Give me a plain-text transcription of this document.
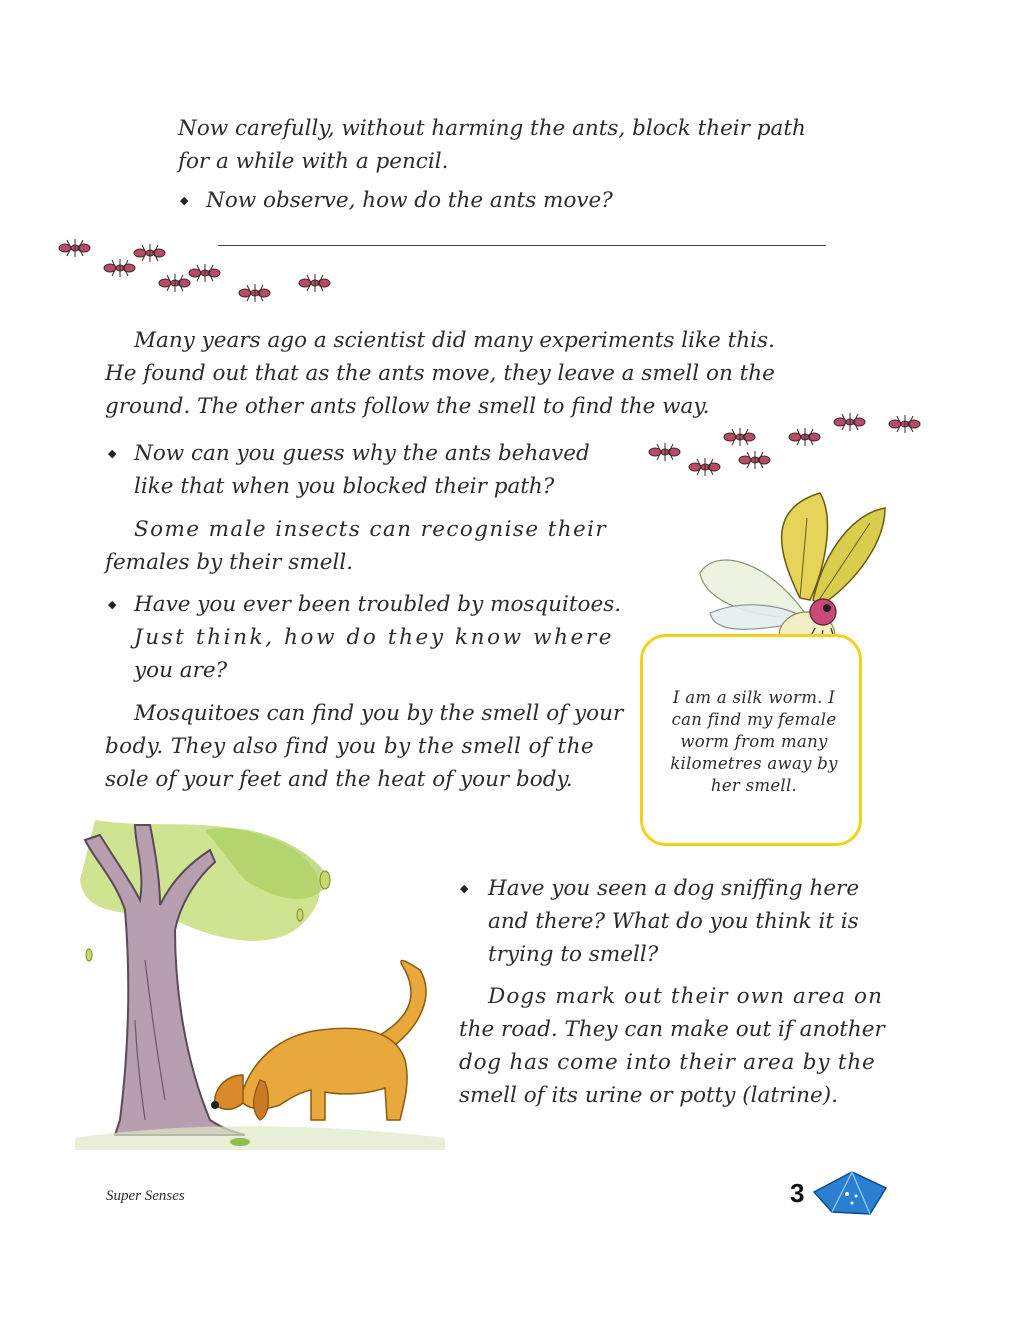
Now carefully, without harming the ants, block their path

for a while with a pencil.

◆ Now observe, how do the ants move?

Many years ago a scientist did many experiments like this.

He found out that as the ants move, they leave a smell on the

ground. The other ants follow the smell to find the way.

◆ Now can you guess why the ants behaved

like that when you blocked their path?

Some male insects can recognise their

females by their smell.

◆ Have you ever been troubled by mosquitoes.

Just think, how do they know where

you are?

Mosquitoes can find you by the smell of your

body. They also find you by the smell of the

sole of your feet and the heat of your body.

I am a silk worm. I
can find my female
worm from many
kilometres away by
her smell.

◆ Have you seen a dog sniffing here

and there? What do you think it is

trying to smell?

Dogs mark out their own area on

the road. They can make out if another

dog has come into their area by the

smell of its urine or potty (latrine).

Super Senses	3
